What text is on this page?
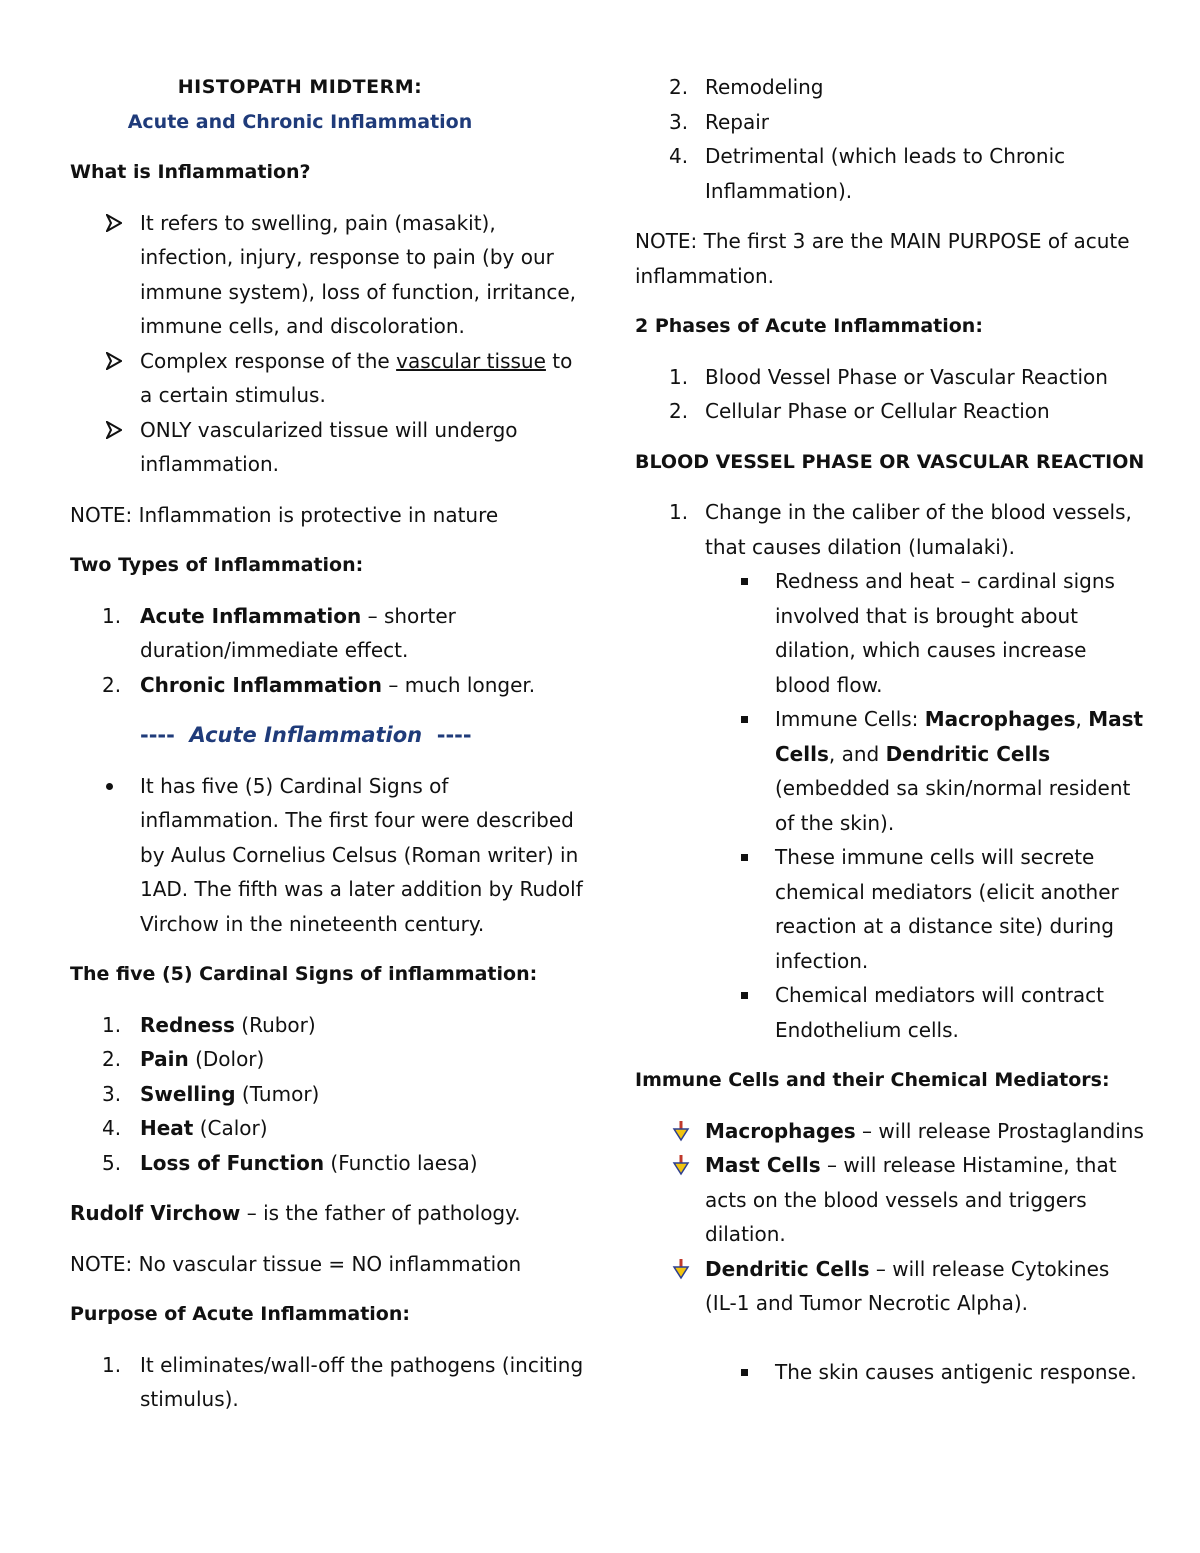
HISTOPATH MIDTERM:
Acute and Chronic Inflammation
What is Inflammation?
It refers to swelling, pain (masakit), infection, injury, response to pain (by our immune system), loss of function, irritance, immune cells, and discoloration.
Complex response of the vascular tissue to a certain stimulus.
ONLY vascularized tissue will undergo inflammation.
NOTE: Inflammation is protective in nature
Two Types of Inflammation:
1. Acute Inflammation – shorter duration/immediate effect.
2. Chronic Inflammation – much longer.
---- Acute Inflammation ----
It has five (5) Cardinal Signs of inflammation. The first four were described by Aulus Cornelius Celsus (Roman writer) in 1AD. The fifth was a later addition by Rudolf Virchow in the nineteenth century.
The five (5) Cardinal Signs of inflammation:
1. Redness (Rubor)
2. Pain (Dolor)
3. Swelling (Tumor)
4. Heat (Calor)
5. Loss of Function (Functio laesa)
Rudolf Virchow – is the father of pathology.
NOTE: No vascular tissue = NO inflammation
Purpose of Acute Inflammation:
1. It eliminates/wall-off the pathogens (inciting stimulus).
2. Remodeling
3. Repair
4. Detrimental (which leads to Chronic Inflammation).
NOTE: The first 3 are the MAIN PURPOSE of acute inflammation.
2 Phases of Acute Inflammation:
1. Blood Vessel Phase or Vascular Reaction
2. Cellular Phase or Cellular Reaction
BLOOD VESSEL PHASE OR VASCULAR REACTION
1. Change in the caliber of the blood vessels, that causes dilation (lumalaki).
Redness and heat – cardinal signs involved that is brought about dilation, which causes increase blood flow.
Immune Cells: Macrophages, Mast Cells, and Dendritic Cells (embedded sa skin/normal resident of the skin).
These immune cells will secrete chemical mediators (elicit another reaction at a distance site) during infection.
Chemical mediators will contract Endothelium cells.
Immune Cells and their Chemical Mediators:
Macrophages – will release Prostaglandins
Mast Cells – will release Histamine, that acts on the blood vessels and triggers dilation.
Dendritic Cells – will release Cytokines (IL-1 and Tumor Necrotic Alpha).
The skin causes antigenic response.
